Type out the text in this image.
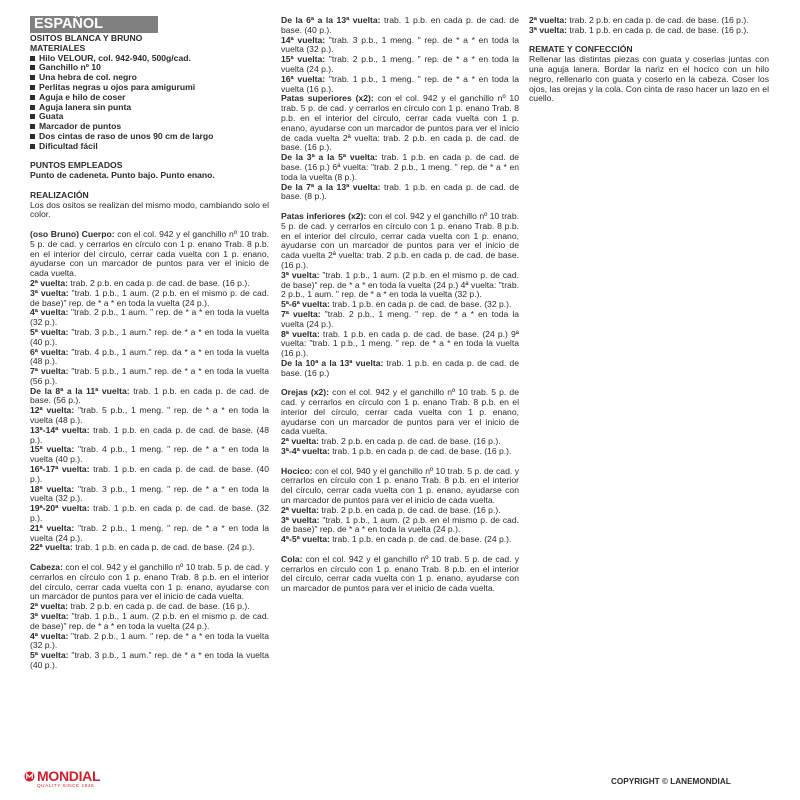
ESPAÑOL
OSITOS BLANCA Y BRUNO
MATERIALES
Hilo VELOUR, col. 942-940, 500g/cad.
Ganchillo nº 10
Una hebra de col. negro
Perlitas negras u ojos para amigurumi
Aguja e hilo de coser
Aguja lanera sin punta
Guata
Marcador de puntos
Dos cintas de raso de unos 90 cm de largo
Dificultad fácil
PUNTOS EMPLEADOS

Punto de cadeneta. Punto bajo. Punto enano.

REALIZACIÓN

Los dos ositos se realizan del mismo modo, cambiando solo el color.

(oso Bruno) Cuerpo: con el col. 942 y el ganchillo nº 10 trab. 5 p. de cad. y cerrarlos en círculo con 1 p. enano Trab. 8 p.b. en el interior del círculo, cerrar cada vuelta con 1 p. enano, ayudarse con un marcador de puntos para ver el inicio de cada vuelta.

2ª vuelta: trab. 2 p.b. en cada p. de cad. de base. (16 p.).

3ª vuelta: "trab. 1 p.b., 1 aum. (2 p.b. en el mismo p. de cad. de base)" rep. de * a * en toda la vuelta (24 p.).

4ª vuelta: "trab. 2 p.b., 1 aum. " rep. de * a * en toda la vuelta (32 p.).

5ª vuelta: "trab. 3 p.b., 1 aum." rep. de * a * en toda la vuelta (40 p.).

6ª vuelta: "trab. 4 p.b., 1 aum." rep. da * a * en toda la vuelta (48 p.).

7ª vuelta: "trab. 5 p.b., 1 aum." rep. de * a * en toda la vuelta (56 p.).

De la 8ª a la 11ª vuelta: trab. 1 p.b. en cada p. de cad. de base. (56 p.).

12ª vuelta: "trab. 5 p.b., 1 meng. " rep. de * a * en toda la vuelta (48 p.).

13ª-14ª vuelta: trab. 1 p.b. en cada p. de cad. de base. (48 p.).

15ª vuelta: "trab. 4 p.b., 1 meng. " rep. de * a * en toda la vuelta (40 p.).

16ª-17ª vuelta: trab. 1 p.b. en cada p. de cad. de base. (40 p.).

18ª vuelta: "trab. 3 p.b., 1 meng. " rep. de * a * en toda la vuelta (32 p.).

19ª-20ª vuelta: trab. 1 p.b. en cada p. de cad. de base. (32 p.).

21ª vuelta: "trab. 2 p.b., 1 meng. " rep. de * a * en toda la vuelta (24 p.).

22ª vuelta: trab. 1 p.b. en cada p. de cad. de base. (24 p.).

Cabeza: con el col. 942 y el ganchillo nº 10 trab. 5 p. de cad. y cerrarlos en círculo con 1 p. enano Trab. 8 p.b. en el interior del círculo, cerrar cada vuelta con 1 p. enano, ayudarse con un marcador de puntos para ver el inicio de cada vuelta.

2ª vuelta: trab. 2 p.b. en cada p. de cad. de base. (16 p.).

3ª vuelta: "trab. 1 p.b., 1 aum. (2 p.b. en el mismo p. de cad. de base)" rep. de * a * en toda la vuelta (24 p.).

4ª vuelta: "trab. 2 p.b., 1 aum. " rep. de * a * en toda la vuelta (32 p.).

5ª vuelta: "trab. 3 p.b., 1 aum." rep. de * a * en toda la vuelta (40 p.).

De la 6ª a la 13ª vuelta: trab. 1 p.b. en cada p. de cad. de base. (40 p.).

14ª vuelta: "trab. 3 p.b., 1 meng. " rep. de * a * en toda la vuelta (32 p.).

15ª vuelta: "trab. 2 p.b., 1 meng. " rep. de * a * en toda la vuelta (24 p.).

16ª vuelta: "trab. 1 p.b., 1 meng. " rep. de * a * en toda la vuelta (16 p.).

Patas superiores (x2): con el col. 942 y el ganchillo nº 10 trab. 5 p. de cad. y cerrarlos en círculo con 1 p. enano Trab. 8 p.b. en el interior del círculo, cerrar cada vuelta con 1 p. enano, ayudarse con un marcador de puntos para ver el inicio de cada vuelta 2ª vuelta: trab. 2 p.b. en cada p. de cad. de base. (16 p.).

De la 3ª a la 5ª vuelta: trab. 1 p.b. en cada p. de cad. de base. (16 p.) 6ª vuelta: "trab. 2 p.b., 1 meng. " rep. de * a * en toda la vuelta (8 p.).

De la 7ª a la 13ª vuelta: trab. 1 p.b. en cada p. de cad. de base. (8 p.).

Patas inferiores (x2): con el col. 942 y el ganchillo nº 10 trab. 5 p. de cad. y cerrarlos en círculo con 1 p. enano Trab. 8 p.b. en el interior del círculo, cerrar cada vuelta con 1 p. enano, ayudarse con un marcador de puntos para ver el inicio de cada vuelta 2ª vuelta: trab. 2 p.b. en cada p. de cad. de base. (16 p.).

3ª vuelta: "trab. 1 p.b., 1 aum. (2 p.b. en el mismo p. de cad. de base)" rep. de * a * en toda la vuelta (24 p.) 4ª vuelta: "trab. 2 p.b., 1 aum. " rep. de * a * en toda la vuelta (32 p.).

5ª-6ª vuelta: trab. 1 p.b. en cada p. de cad. de base. (32 p.).

7ª vuelta: "trab. 2 p.b., 1 meng. " rep. de * a * en toda la vuelta (24 p.).

8ª vuelta: trab. 1 p.b. en cada p. de cad. de base. (24 p.) 9ª vuelta: "trab. 1 p.b., 1 meng. " rep. de * a * en toda la vuelta (16 p.).

De la 10ª a la 13ª vuelta: trab. 1 p.b. en cada p. de cad. de base. (16 p.)

Orejas (x2): con el col. 942 y el ganchillo nº 10 trab. 5 p. de cad. y cerrarlos en círculo con 1 p. enano Trab. 8 p.b. en el interior del círculo, cerrar cada vuelta con 1 p. enano, ayudarse con un marcador de puntos para ver el inicio de cada vuelta.

2ª vuelta: trab. 2 p.b. en cada p. de cad. de base. (16 p.).

3ª-4ª vuelta: trab. 1 p.b. en cada p. de cad. de base. (16 p.).

Hocico: con el col. 940 y el ganchillo nº 10 trab. 5 p. de cad. y cerrarlos en círculo con 1 p. enano Trab. 8 p.b. en el interior del círculo, cerrar cada vuelta con 1 p. enano, ayudarse con un marcador de puntos para ver el inicio de cada vuelta.

2ª vuelta: trab. 2 p.b. en cada p. de cad. de base. (16 p.).

3ª vuelta: "trab. 1 p.b., 1 aum. (2 p.b. en el mismo p. de cad. de base)" rep. de * a * en toda la vuelta (24 p.).

4ª-5ª vuelta: trab. 1 p.b. en cada p. de cad. de base. (24 p.).

Cola: con el col. 942 y el ganchillo nº 10 trab. 5 p. de cad. y cerrarlos en círculo con 1 p. enano Trab. 8 p.b. en el interior del círculo, cerrar cada vuelta con 1 p. enano, ayudarse con un marcador de puntos para ver el inicio de cada vuelta.

2ª vuelta: trab. 2 p.b. en cada p. de cad. de base. (16 p.).

3ª vuelta: trab. 1 p.b. en cada p. de cad. de base. (16 p.).

REMATE Y CONFECCIÓN

Rellenar las distintas piezas con guata y coserlas juntas con una aguja lanera. Bordar la nariz en el hocico con un hilo negro, rellenarlo con guata y coserlo en la cabeza. Coser los ojos, las orejas y la cola. Con cinta de raso hacer un lazo en el cuello.

MONDIAL
QUALITY SINCE 1946	COPYRIGHT © LANEMONDIAL
